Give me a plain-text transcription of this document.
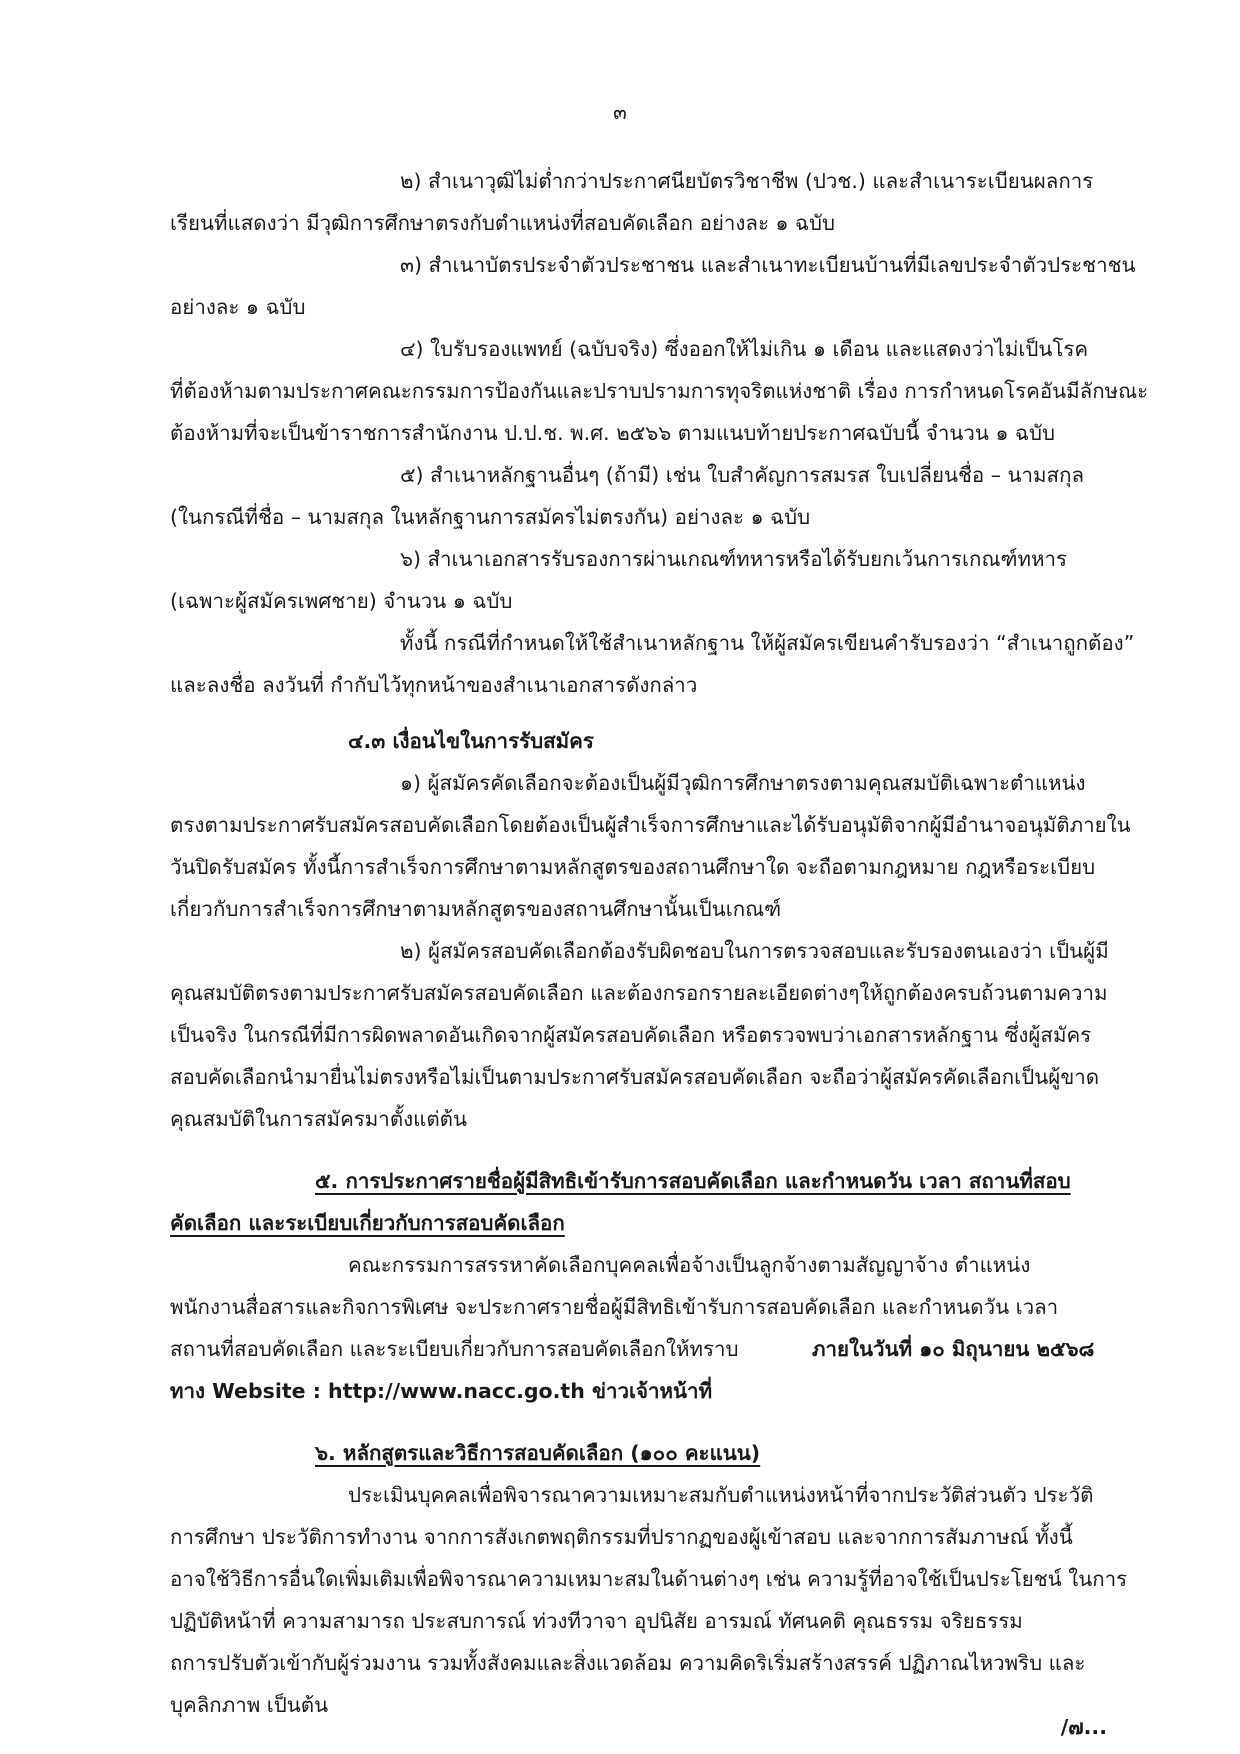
๓
๒) สำเนาวุฒิไม่ต่ำกว่าประกาศนียบัตรวิชาชีพ (ปวช.) และสำเนาระเบียนผลการ
เรียนที่แสดงว่า มีวุฒิการศึกษาตรงกับตำแหน่งที่สอบคัดเลือก อย่างละ ๑ ฉบับ
๓) สำเนาบัตรประจำตัวประชาชน และสำเนาทะเบียนบ้านที่มีเลขประจำตัวประชาชน
อย่างละ ๑ ฉบับ
๔) ใบรับรองแพทย์ (ฉบับจริง) ซึ่งออกให้ไม่เกิน ๑ เดือน และแสดงว่าไม่เป็นโรค
ที่ต้องห้ามตามประกาศคณะกรรมการป้องกันและปราบปรามการทุจริตแห่งชาติ เรื่อง การกำหนดโรคอันมีลักษณะ
ต้องห้ามที่จะเป็นข้าราชการสำนักงาน ป.ป.ช. พ.ศ. ๒๕๖๖ ตามแนบท้ายประกาศฉบับนี้ จำนวน ๑ ฉบับ
๕) สำเนาหลักฐานอื่นๆ (ถ้ามี) เช่น ใบสำคัญการสมรส ใบเปลี่ยนชื่อ – นามสกุล
(ในกรณีที่ชื่อ – นามสกุล ในหลักฐานการสมัครไม่ตรงกัน) อย่างละ ๑ ฉบับ
๖) สำเนาเอกสารรับรองการผ่านเกณฑ์ทหารหรือได้รับยกเว้นการเกณฑ์ทหาร
(เฉพาะผู้สมัครเพศชาย) จำนวน ๑ ฉบับ
ทั้งนี้ กรณีที่กำหนดให้ใช้สำเนาหลักฐาน ให้ผู้สมัครเขียนคำรับรองว่า “สำเนาถูกต้อง”
และลงชื่อ ลงวันที่ กำกับไว้ทุกหน้าของสำเนาเอกสารดังกล่าว
๔.๓ เงื่อนไขในการรับสมัคร
๑) ผู้สมัครคัดเลือกจะต้องเป็นผู้มีวุฒิการศึกษาตรงตามคุณสมบัติเฉพาะตำแหน่ง
ตรงตามประกาศรับสมัครสอบคัดเลือกโดยต้องเป็นผู้สำเร็จการศึกษาและได้รับอนุมัติจากผู้มีอำนาจอนุมัติภายใน
วันปิดรับสมัคร ทั้งนี้การสำเร็จการศึกษาตามหลักสูตรของสถานศึกษาใด จะถือตามกฎหมาย กฎหรือระเบียบ
เกี่ยวกับการสำเร็จการศึกษาตามหลักสูตรของสถานศึกษานั้นเป็นเกณฑ์
๒) ผู้สมัครสอบคัดเลือกต้องรับผิดชอบในการตรวจสอบและรับรองตนเองว่า เป็นผู้มี
คุณสมบัติตรงตามประกาศรับสมัครสอบคัดเลือก และต้องกรอกรายละเอียดต่างๆให้ถูกต้องครบถ้วนตามความ
เป็นจริง ในกรณีที่มีการผิดพลาดอันเกิดจากผู้สมัครสอบคัดเลือก หรือตรวจพบว่าเอกสารหลักฐาน ซึ่งผู้สมัคร
สอบคัดเลือกนำมายื่นไม่ตรงหรือไม่เป็นตามประกาศรับสมัครสอบคัดเลือก จะถือว่าผู้สมัครคัดเลือกเป็นผู้ขาด
คุณสมบัติในการสมัครมาตั้งแต่ต้น
๕. การประกาศรายชื่อผู้มีสิทธิเข้ารับการสอบคัดเลือก และกำหนดวัน เวลา สถานที่สอบ
คัดเลือก และระเบียบเกี่ยวกับการสอบคัดเลือก
คณะกรรมการสรรหาคัดเลือกบุคคลเพื่อจ้างเป็นลูกจ้างตามสัญญาจ้าง ตำแหน่ง
พนักงานสื่อสารและกิจการพิเศษ จะประกาศรายชื่อผู้มีสิทธิเข้ารับการสอบคัดเลือก และกำหนดวัน เวลา
สถานที่สอบคัดเลือก และระเบียบเกี่ยวกับการสอบคัดเลือกให้ทราบ	ภายในวันที่ ๑๐ มิถุนายน ๒๕๖๘
ทาง Website : http://www.nacc.go.th ข่าวเจ้าหน้าที่
๖. หลักสูตรและวิธีการสอบคัดเลือก (๑๐๐ คะแนน)
ประเมินบุคคลเพื่อพิจารณาความเหมาะสมกับตำแหน่งหน้าที่จากประวัติส่วนตัว ประวัติ
การศึกษา ประวัติการทำงาน จากการสังเกตพฤติกรรมที่ปรากฏของผู้เข้าสอบ และจากการสัมภาษณ์ ทั้งนี้
อาจใช้วิธีการอื่นใดเพิ่มเติมเพื่อพิจารณาความเหมาะสมในด้านต่างๆ เช่น ความรู้ที่อาจใช้เป็นประโยชน์ ในการ
ปฏิบัติหน้าที่ ความสามารถ ประสบการณ์ ท่วงทีวาจา อุปนิสัย อารมณ์ ทัศนคติ คุณธรรม จริยธรรม
ถการปรับตัวเข้ากับผู้ร่วมงาน รวมทั้งสังคมและสิ่งแวดล้อม ความคิดริเริ่มสร้างสรรค์ ปฏิภาณไหวพริบ และ
บุคลิกภาพ เป็นต้น
/๗...
